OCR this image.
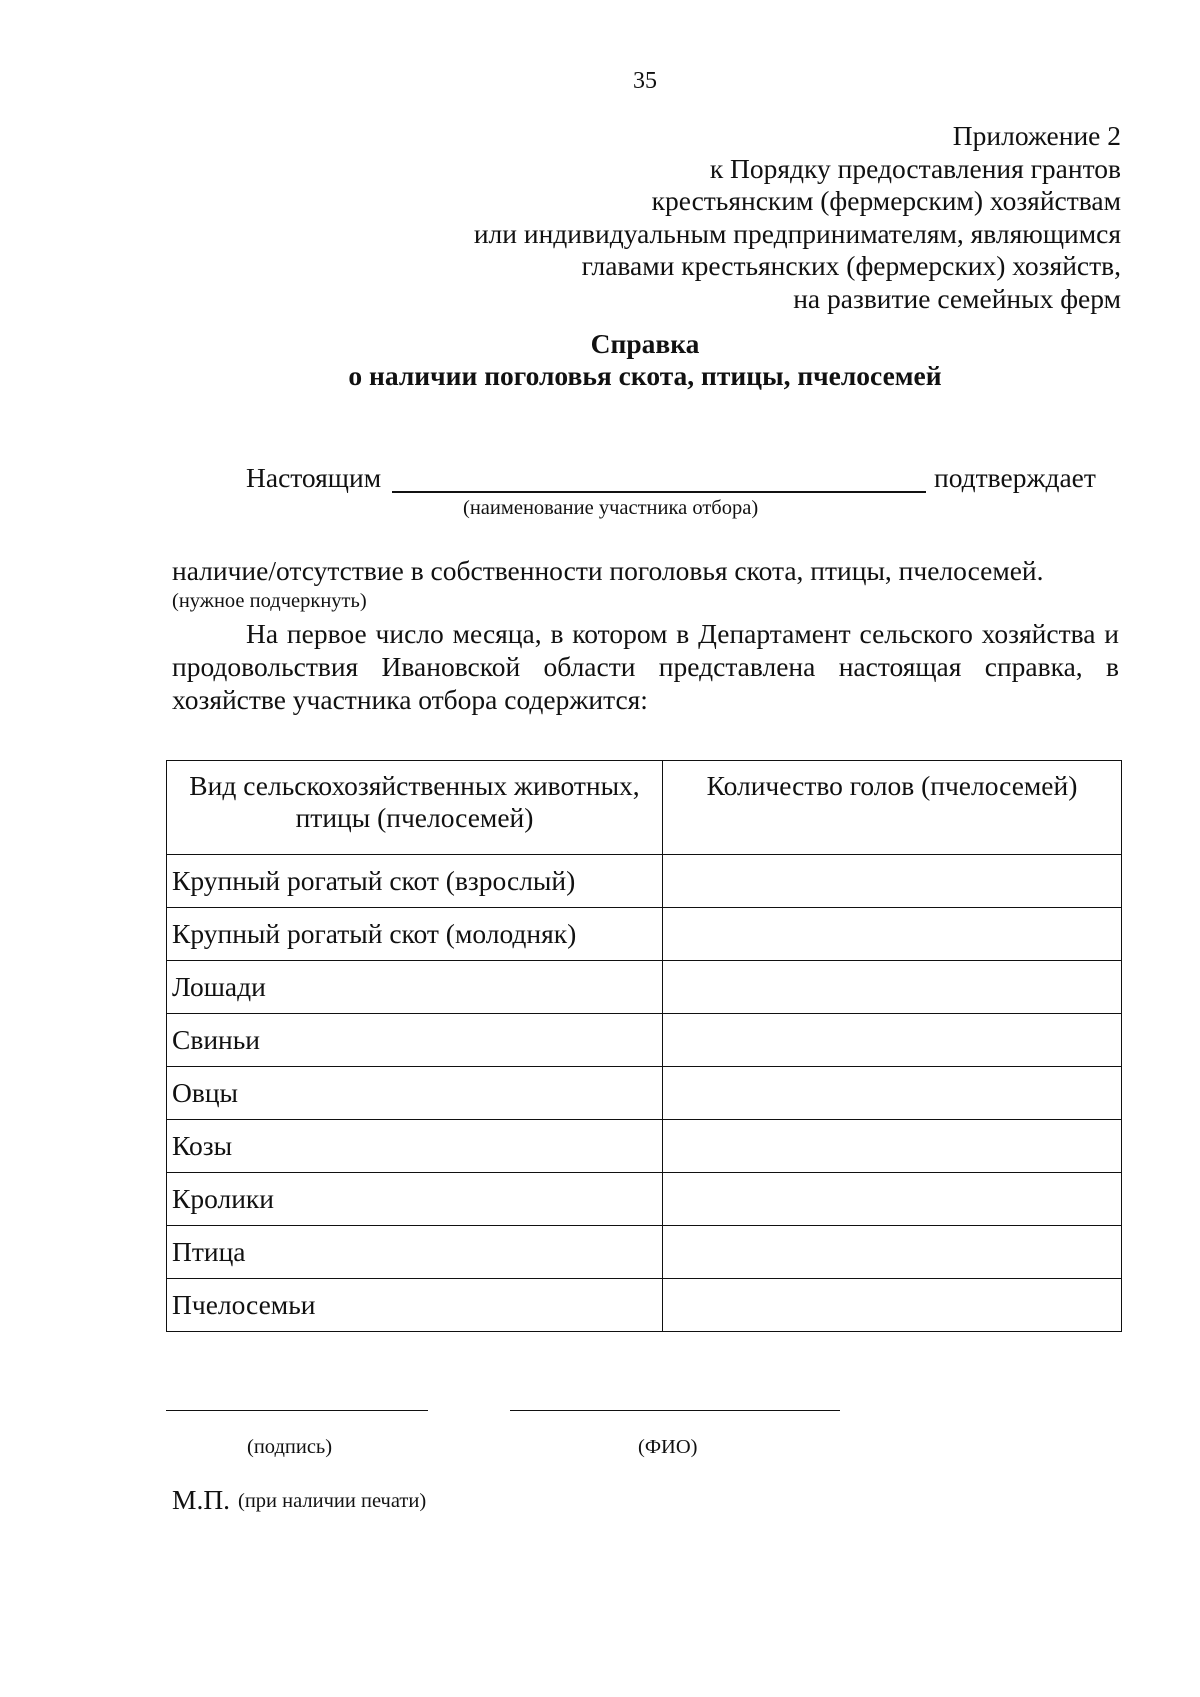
35
Приложение 2
к Порядку предоставления грантов
крестьянским (фермерским) хозяйствам
или индивидуальным предпринимателям, являющимся
главами крестьянских (фермерских) хозяйств,
на развитие семейных ферм
Справка
о наличии поголовья скота, птицы, пчелосемей
Настоящим	подтверждает
(наименование участника отбора)
наличие/отсутствие в собственности поголовья скота, птицы, пчелосемей.
(нужное подчеркнуть)
На первое число месяца, в котором в Департамент сельского хозяйства и продовольствия Ивановской области представлена настоящая справка, в хозяйстве участника отбора содержится:
Вид сельскохозяйственных животных, птицы (пчелосемей)	Количество голов (пчелосемей)
Крупный рогатый скот (взрослый)	
Крупный рогатый скот (молодняк)	
Лошади	
Свиньи	
Овцы	
Козы	
Кролики	
Птица	
Пчелосемьи	
(подпись)	(ФИО)
М.П. (при наличии печати)
